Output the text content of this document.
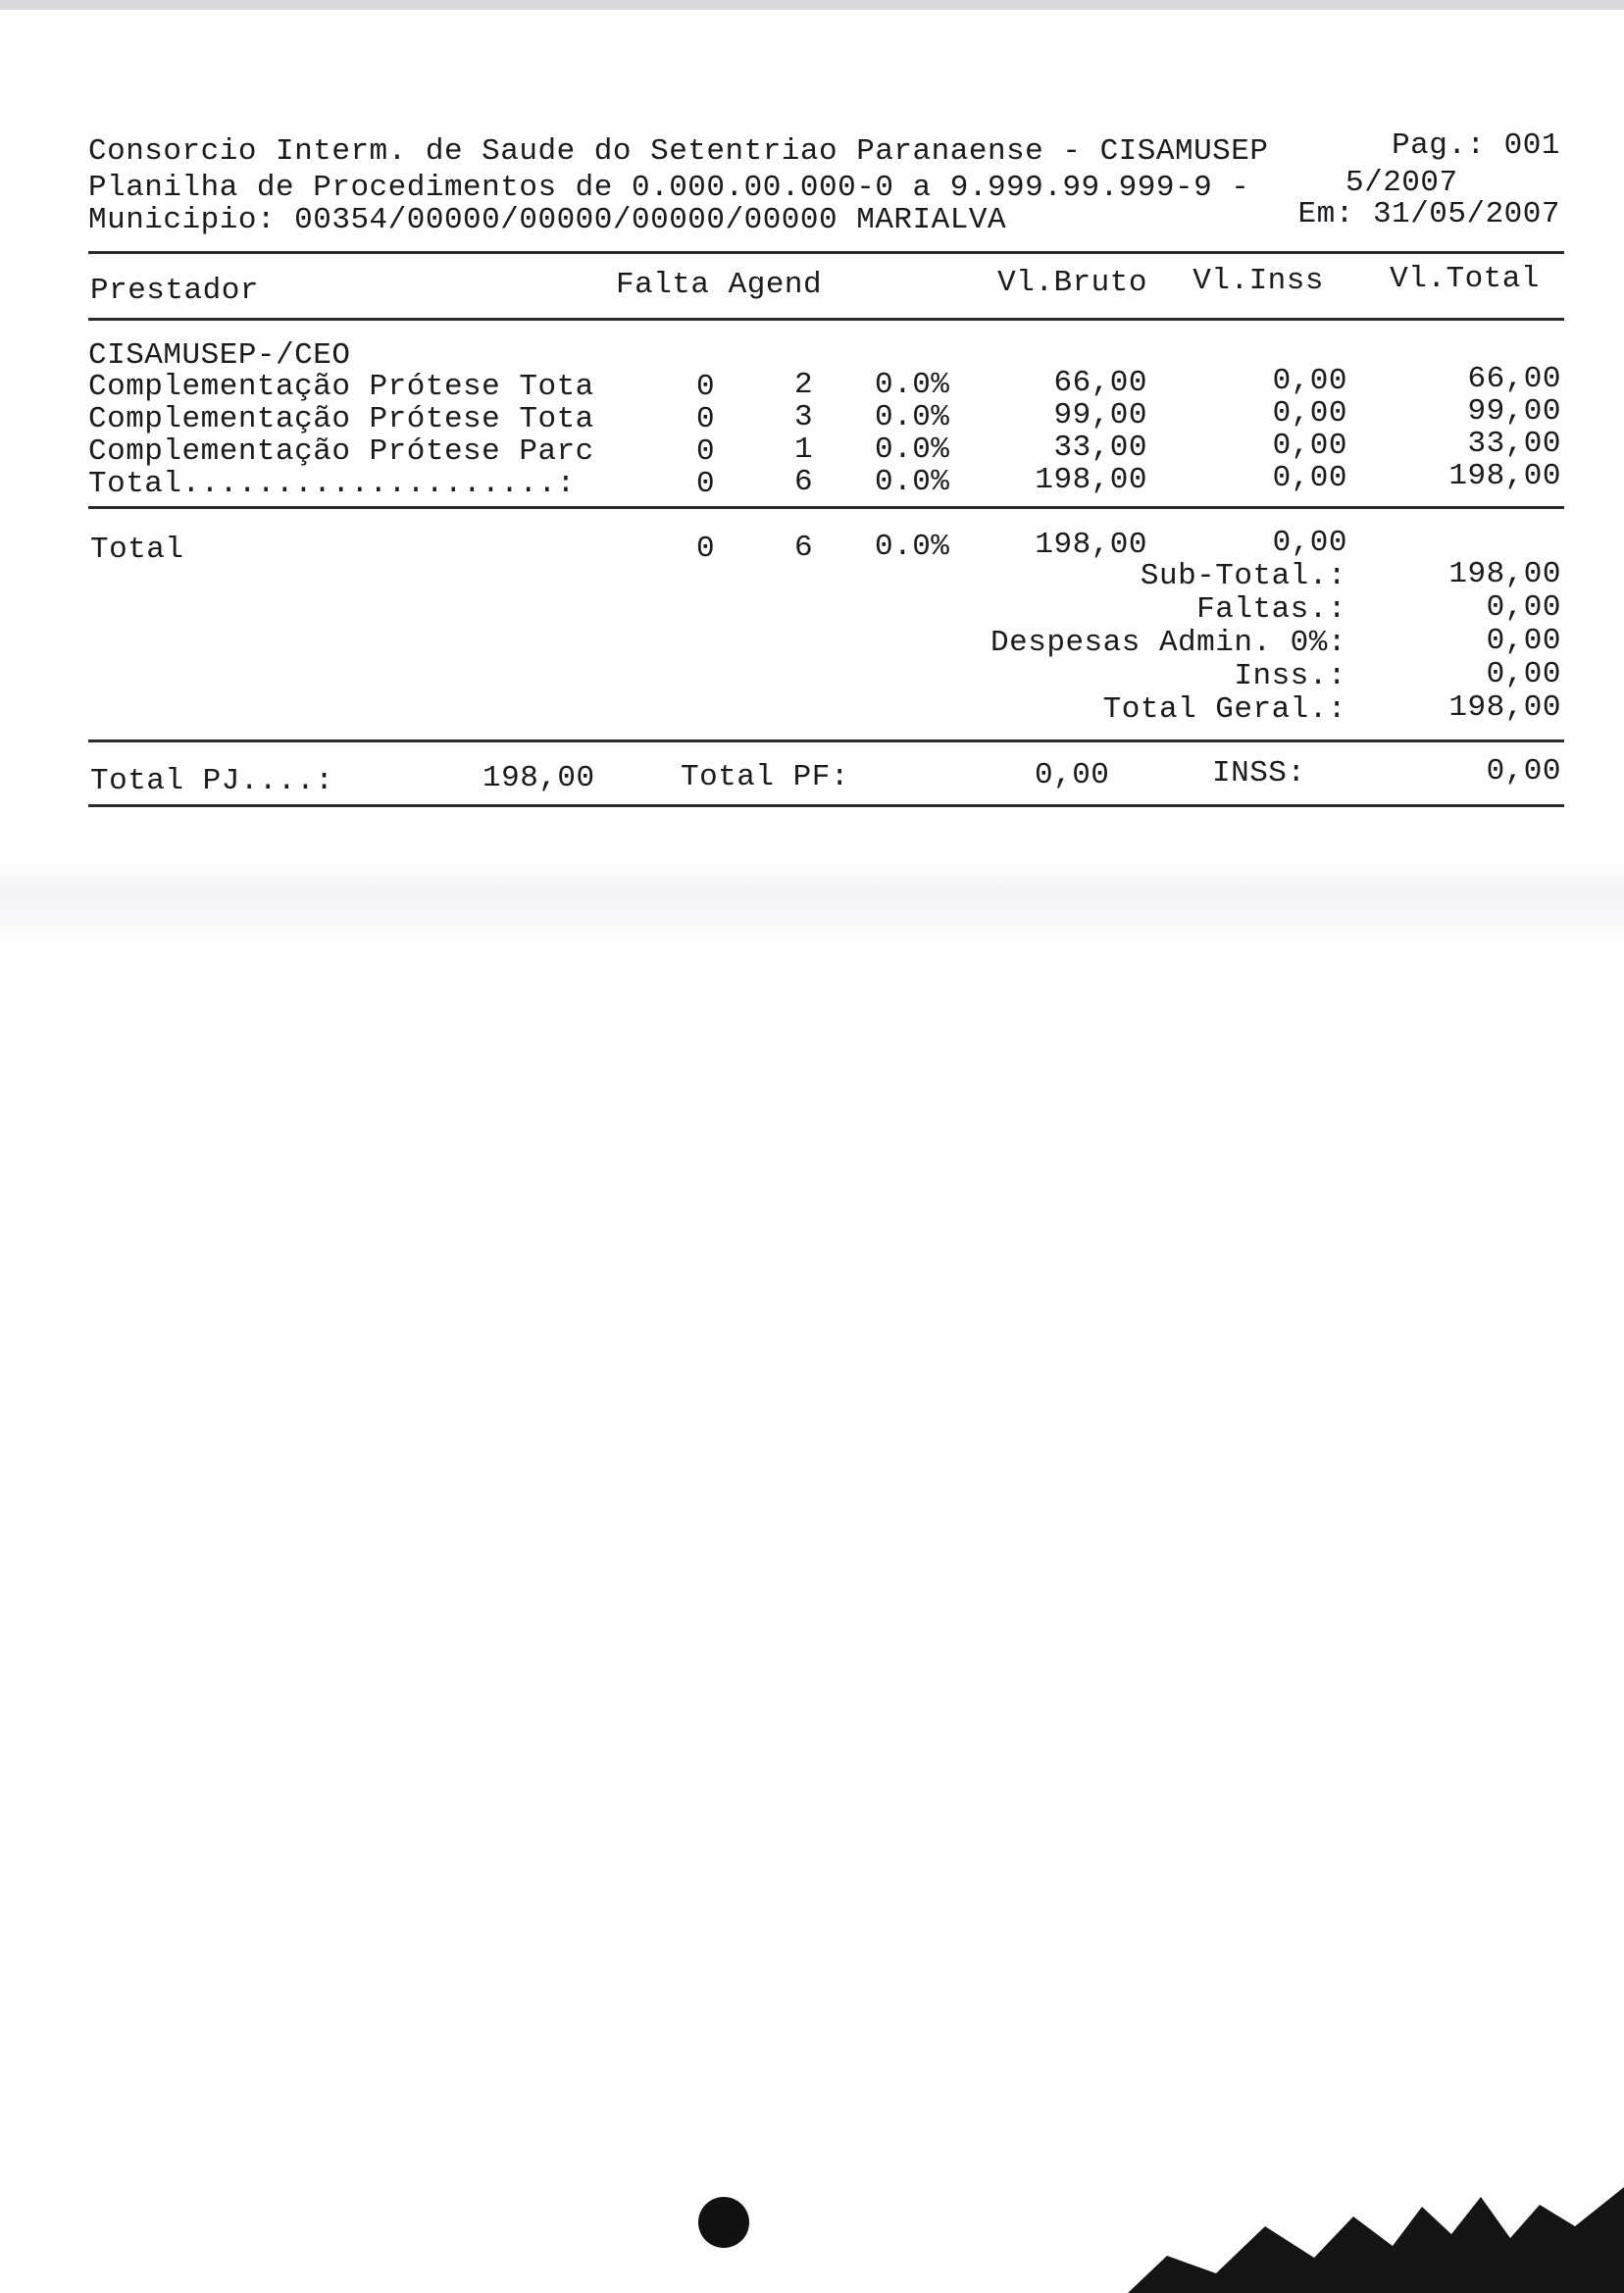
Consorcio Interm. de Saude do Setentriao Paranaense - CISAMUSEP	Pag.: 001
Planilha de Procedimentos de 0.000.00.000-0 a 9.999.99.999-9 -	5/2007
Municipio: 00354/00000/00000/00000/00000 MARIALVA	Em: 31/05/2007
Prestador	Falta Agend	Vl.Bruto Vl.Inss Vl.Total
CISAMUSEP-/CEO
Complementação Prótese Tota	0	2 0.0%	66,00	0,00	66,00
Complementação Prótese Tota	0	3 0.0%	99,00	0,00	99,00
Complementação Prótese Parc	0	1 0.0%	33,00	0,00	33,00
Total....................:	0	6 0.0%	198,00	0,00	198,00
Total	0	6 0.0%	198,00	0,00
Sub-Total.:	198,00
Faltas.:	0,00
Despesas Admin. 0%:	0,00
Inss.:	0,00
Total Geral.:	198,00
Total PJ....:	198,00	Total PF:	0,00	INSS:	0,00
